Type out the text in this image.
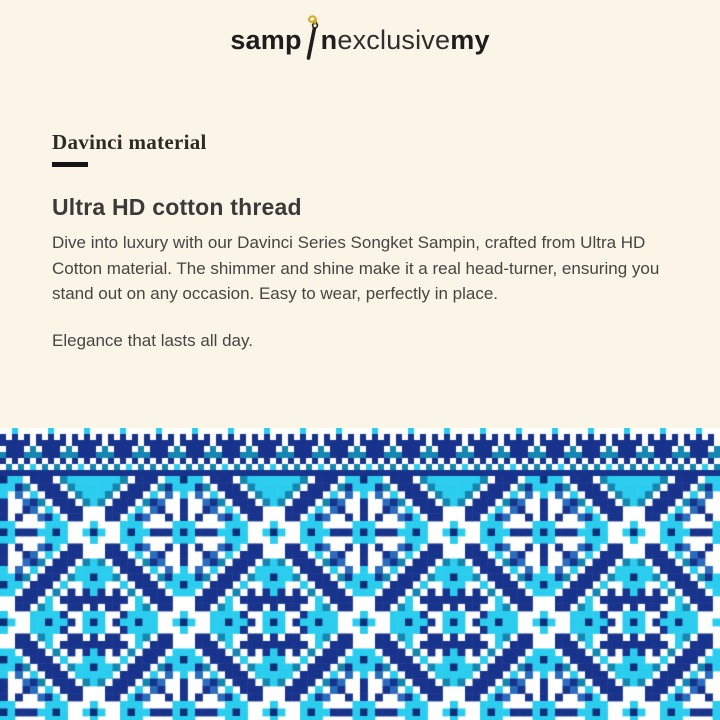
samp n exclusive my
Davinci material
Ultra HD cotton thread

Dive into luxury with our Davinci Series Songket Sampin, crafted from Ultra HD Cotton material. The shimmer and shine make it a real head-turner, ensuring you stand out on any occasion. Easy to wear, perfectly in place.

Elegance that lasts all day.
